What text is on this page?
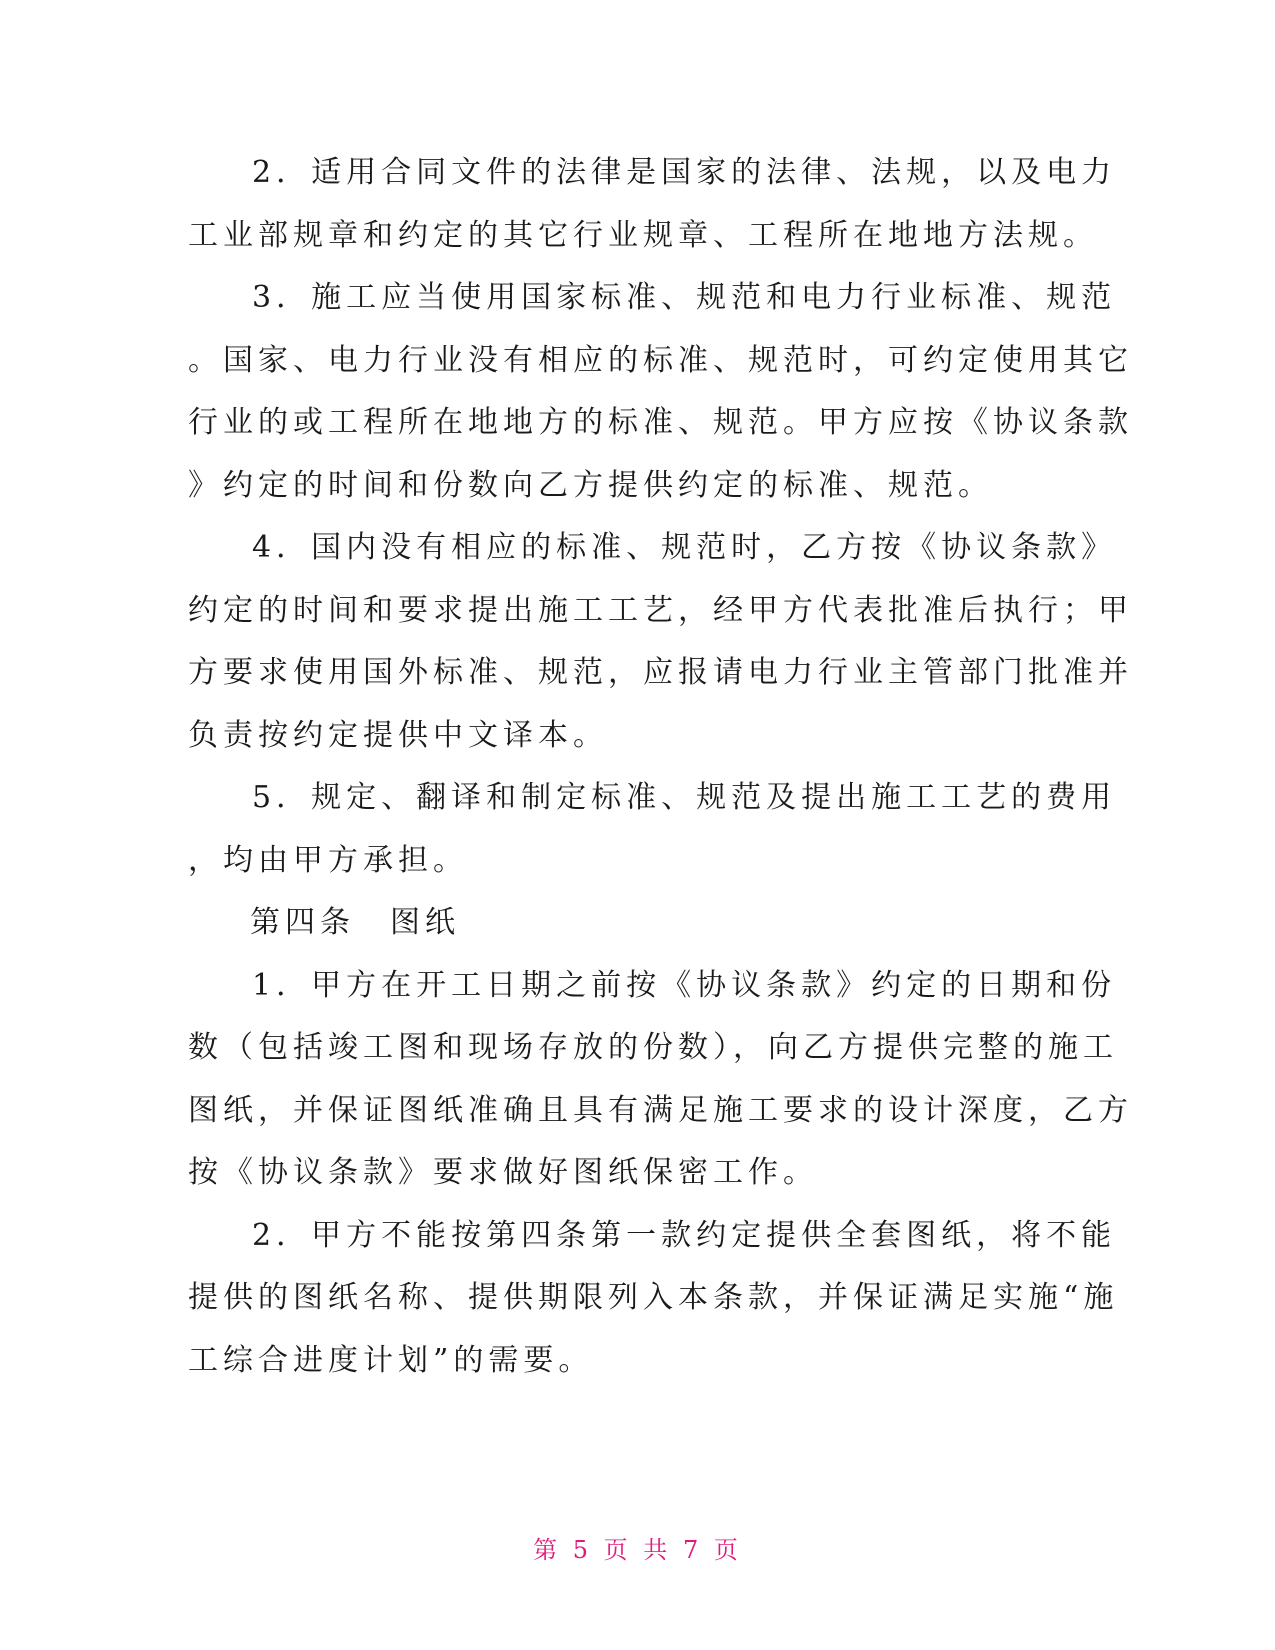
2．适用合同文件的法律是国家的法律、法规，以及电力
工业部规章和约定的其它行业规章、工程所在地地方法规。
3．施工应当使用国家标准、规范和电力行业标准、规范
。国家、电力行业没有相应的标准、规范时，可约定使用其它
行业的或工程所在地地方的标准、规范。甲方应按《协议条款
》约定的时间和份数向乙方提供约定的标准、规范。
4．国内没有相应的标准、规范时，乙方按《协议条款》
约定的时间和要求提出施工工艺，经甲方代表批准后执行；甲
方要求使用国外标准、规范，应报请电力行业主管部门批准并
负责按约定提供中文译本。
5．规定、翻译和制定标准、规范及提出施工工艺的费用
，均由甲方承担。
第四条　图纸
1．甲方在开工日期之前按《协议条款》约定的日期和份
数（包括竣工图和现场存放的份数），向乙方提供完整的施工
图纸，并保证图纸准确且具有满足施工要求的设计深度，乙方
按《协议条款》要求做好图纸保密工作。
2．甲方不能按第四条第一款约定提供全套图纸，将不能
提供的图纸名称、提供期限列入本条款，并保证满足实施“施
工综合进度计划”的需要。
第 5 页 共 7 页
